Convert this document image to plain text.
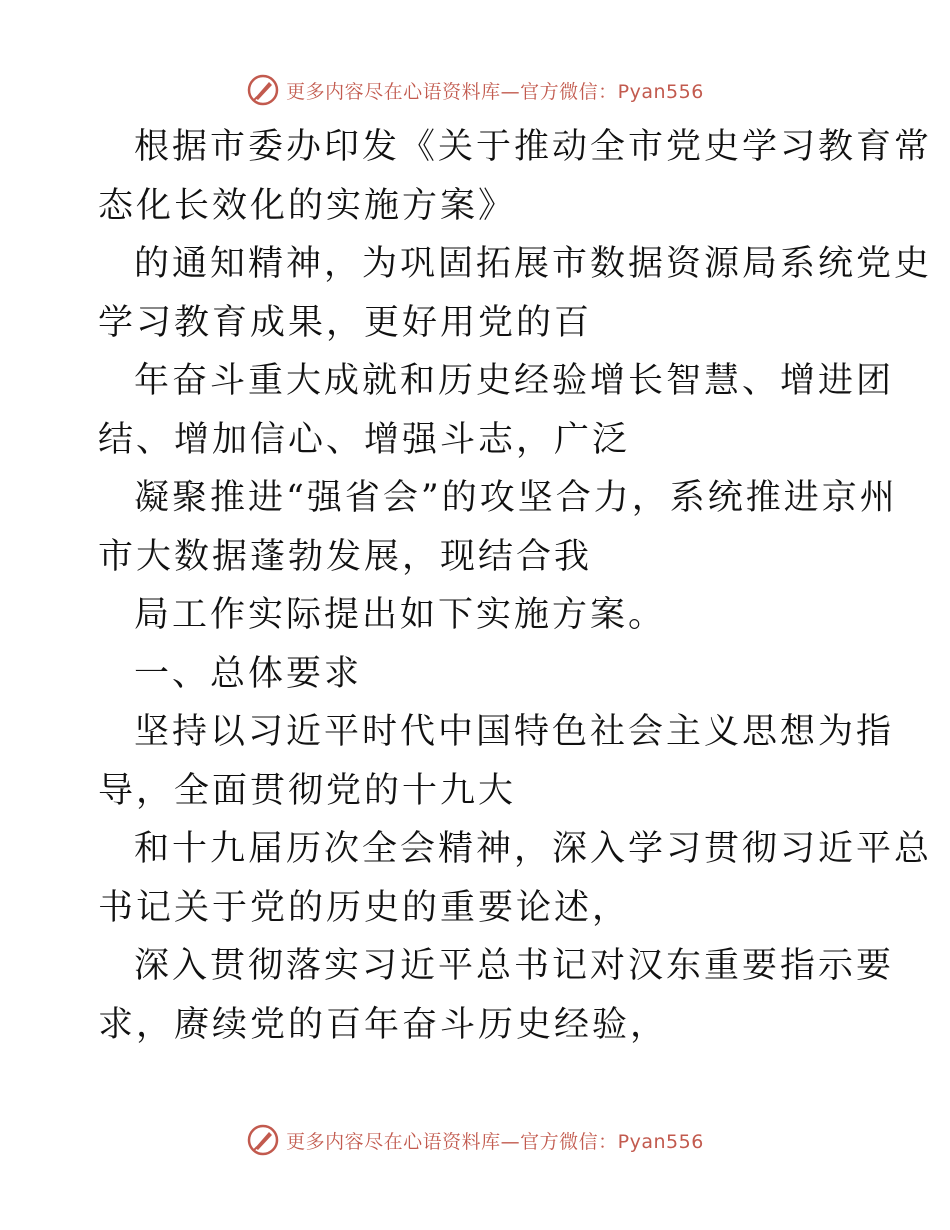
更多内容尽在心语资料库—官方微信：Pyan556
根据市委办印发《关于推动全市党史学习教育常
态化长效化的实施方案》
的通知精神，为巩固拓展市数据资源局系统党史
学习教育成果，更好用党的百
年奋斗重大成就和历史经验增长智慧、增进团
结、增加信心、增强斗志，广泛
凝聚推进“强省会”的攻坚合力，系统推进京州
市大数据蓬勃发展，现结合我
局工作实际提出如下实施方案。
一、总体要求
坚持以习近平时代中国特色社会主义思想为指
导，全面贯彻党的十九大
和十九届历次全会精神，深入学习贯彻习近平总
书记关于党的历史的重要论述，
深入贯彻落实习近平总书记对汉东重要指示要
求，赓续党的百年奋斗历史经验，
更多内容尽在心语资料库—官方微信：Pyan556
